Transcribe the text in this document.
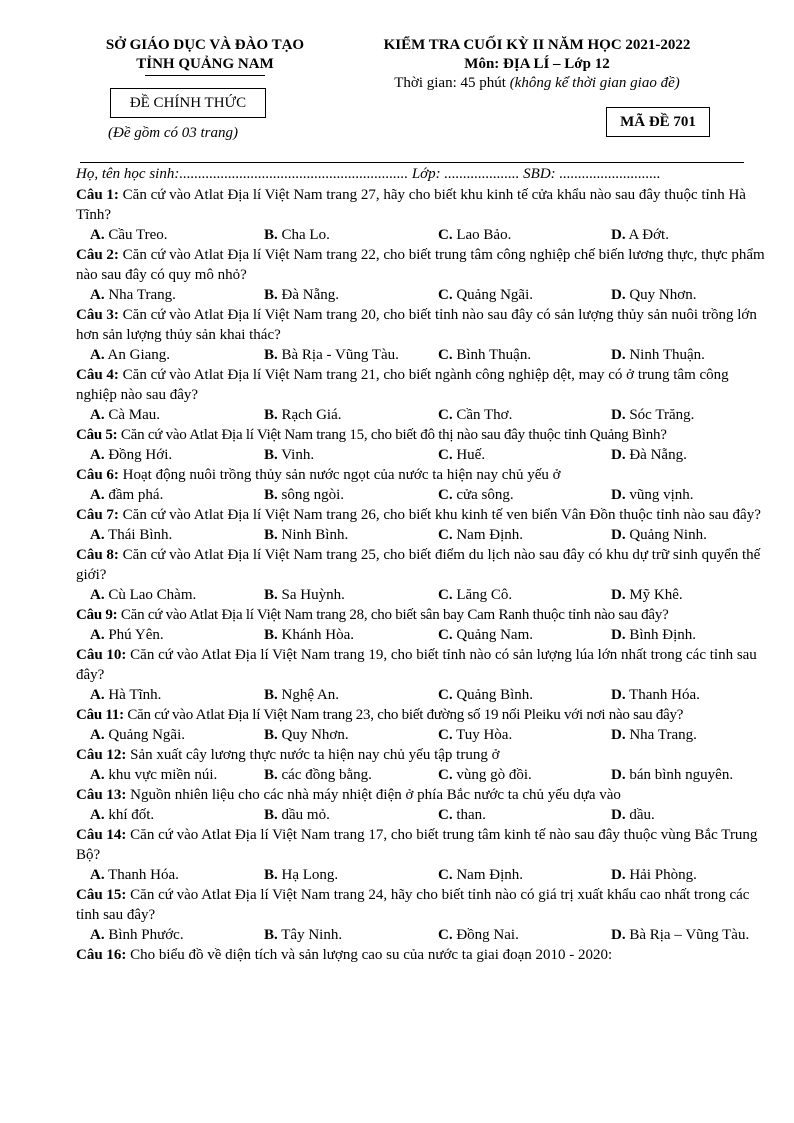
SỞ GIÁO DỤC VÀ ĐÀO TẠO
TỈNH QUẢNG NAM
KIỂM TRA CUỐI KỲ II NĂM HỌC 2021-2022
Môn: ĐỊA LÍ – Lớp 12
Thời gian: 45 phút (không kể thời gian giao đề)
ĐỀ CHÍNH THỨC
(Đề gồm có 03 trang)
MÃ ĐỀ 701
Họ, tên học sinh:............................................................. Lớp: .................... SBD: ...........................
Câu 1: Căn cứ vào Atlat Địa lí Việt Nam trang 27, hãy cho biết khu kinh tế cửa khẩu nào sau đây thuộc tỉnh Hà Tĩnh?
A. Cầu Treo.	B. Cha Lo.	C. Lao Bảo.	D. A Đớt.
Câu 2: Căn cứ vào Atlat Địa lí Việt Nam trang 22, cho biết trung tâm công nghiệp chế biến lương thực, thực phẩm nào sau đây có quy mô nhỏ?
A. Nha Trang.	B. Đà Nẵng.	C. Quảng Ngãi.	D. Quy Nhơn.
Câu 3: Căn cứ vào Atlat Địa lí Việt Nam trang 20, cho biết tỉnh nào sau đây có sản lượng thủy sản nuôi trồng lớn hơn sản lượng thủy sản khai thác?
A. An Giang.	B. Bà Rịa - Vũng Tàu.	C. Bình Thuận.	D. Ninh Thuận.
Câu 4: Căn cứ vào Atlat Địa lí Việt Nam trang 21, cho biết ngành công nghiệp dệt, may có ở trung tâm công nghiệp nào sau đây?
A. Cà Mau.	B. Rạch Giá.	C. Cần Thơ.	D. Sóc Trăng.
Câu 5: Căn cứ vào Atlat Địa lí Việt Nam trang 15, cho biết đô thị nào sau đây thuộc tỉnh Quảng Bình?
A. Đồng Hới.	B. Vinh.	C. Huế.	D. Đà Nẵng.
Câu 6: Hoạt động nuôi trồng thủy sản nước ngọt của nước ta hiện nay chủ yếu ở
A. đầm phá.	B. sông ngòi.	C. cửa sông.	D. vũng vịnh.
Câu 7: Căn cứ vào Atlat Địa lí Việt Nam trang 26, cho biết khu kinh tế ven biển Vân Đồn thuộc tỉnh nào sau đây?
A. Thái Bình.	B. Ninh Bình.	C. Nam Định.	D. Quảng Ninh.
Câu 8: Căn cứ vào Atlat Địa lí Việt Nam trang 25, cho biết điểm du lịch nào sau đây có khu dự trữ sinh quyển thế giới?
A. Cù Lao Chàm.	B. Sa Huỳnh.	C. Lăng Cô.	D. Mỹ Khê.
Câu 9: Căn cứ vào Atlat Địa lí Việt Nam trang 28, cho biết sân bay Cam Ranh thuộc tỉnh nào sau đây?
A. Phú Yên.	B. Khánh Hòa.	C. Quảng Nam.	D. Bình Định.
Câu 10: Căn cứ vào Atlat Địa lí Việt Nam trang 19, cho biết tỉnh nào có sản lượng lúa lớn nhất trong các tỉnh sau đây?
A. Hà Tĩnh.	B. Nghệ An.	C. Quảng Bình.	D. Thanh Hóa.
Câu 11: Căn cứ vào Atlat Địa lí Việt Nam trang 23, cho biết đường số 19 nối Pleiku với nơi nào sau đây?
A. Quảng Ngãi.	B. Quy Nhơn.	C. Tuy Hòa.	D. Nha Trang.
Câu 12: Sản xuất cây lương thực nước ta hiện nay chủ yếu tập trung ở
A. khu vực miền núi.	B. các đồng bằng.	C. vùng gò đồi.	D. bán bình nguyên.
Câu 13: Nguồn nhiên liệu cho các nhà máy nhiệt điện ở phía Bắc nước ta chủ yếu dựa vào
A. khí đốt.	B. dầu mỏ.	C. than.	D. dầu.
Câu 14: Căn cứ vào Atlat Địa lí Việt Nam trang 17, cho biết trung tâm kinh tế nào sau đây thuộc vùng Bắc Trung Bộ?
A. Thanh Hóa.	B. Hạ Long.	C. Nam Định.	D. Hải Phòng.
Câu 15: Căn cứ vào Atlat Địa lí Việt Nam trang 24, hãy cho biết tỉnh nào có giá trị xuất khẩu cao nhất trong các tỉnh sau đây?
A. Bình Phước.	B. Tây Ninh.	C. Đồng Nai.	D. Bà Rịa – Vũng Tàu.
Câu 16: Cho biểu đồ về diện tích và sản lượng cao su của nước ta giai đoạn 2010 - 2020:
